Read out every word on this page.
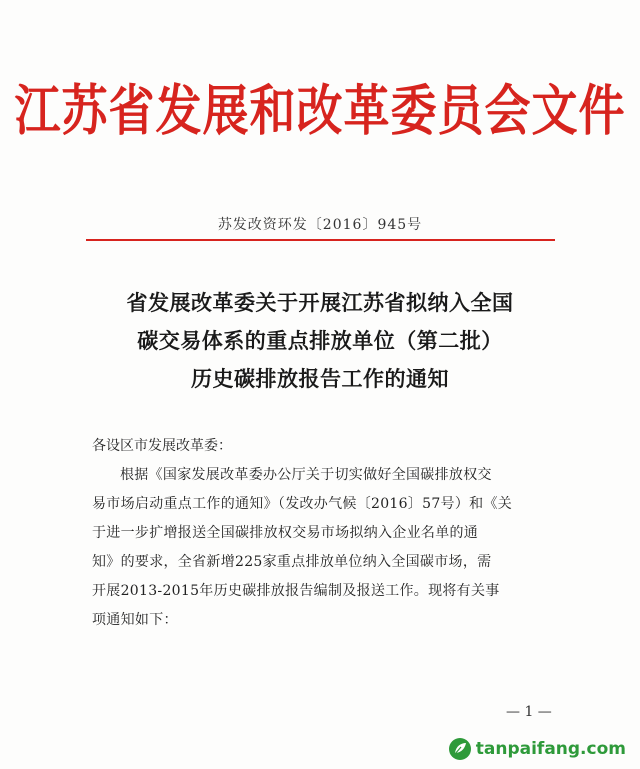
江苏省发展和改革委员会文件
苏发改资环发〔2016〕945号
省发展改革委关于开展江苏省拟纳入全国
碳交易体系的重点排放单位（第二批）
历史碳排放报告工作的通知
各设区市发展改革委：
根据《国家发展改革委办公厅关于切实做好全国碳排放权交
易市场启动重点工作的通知》（发改办气候〔2016〕57号）和《关
于进一步扩增报送全国碳排放权交易市场拟纳入企业名单的通
知》的要求，全省新增225家重点排放单位纳入全国碳市场，需
开展2013-2015年历史碳排放报告编制及报送工作。现将有关事
项通知如下：
— 1 —
tanpaifang.com
